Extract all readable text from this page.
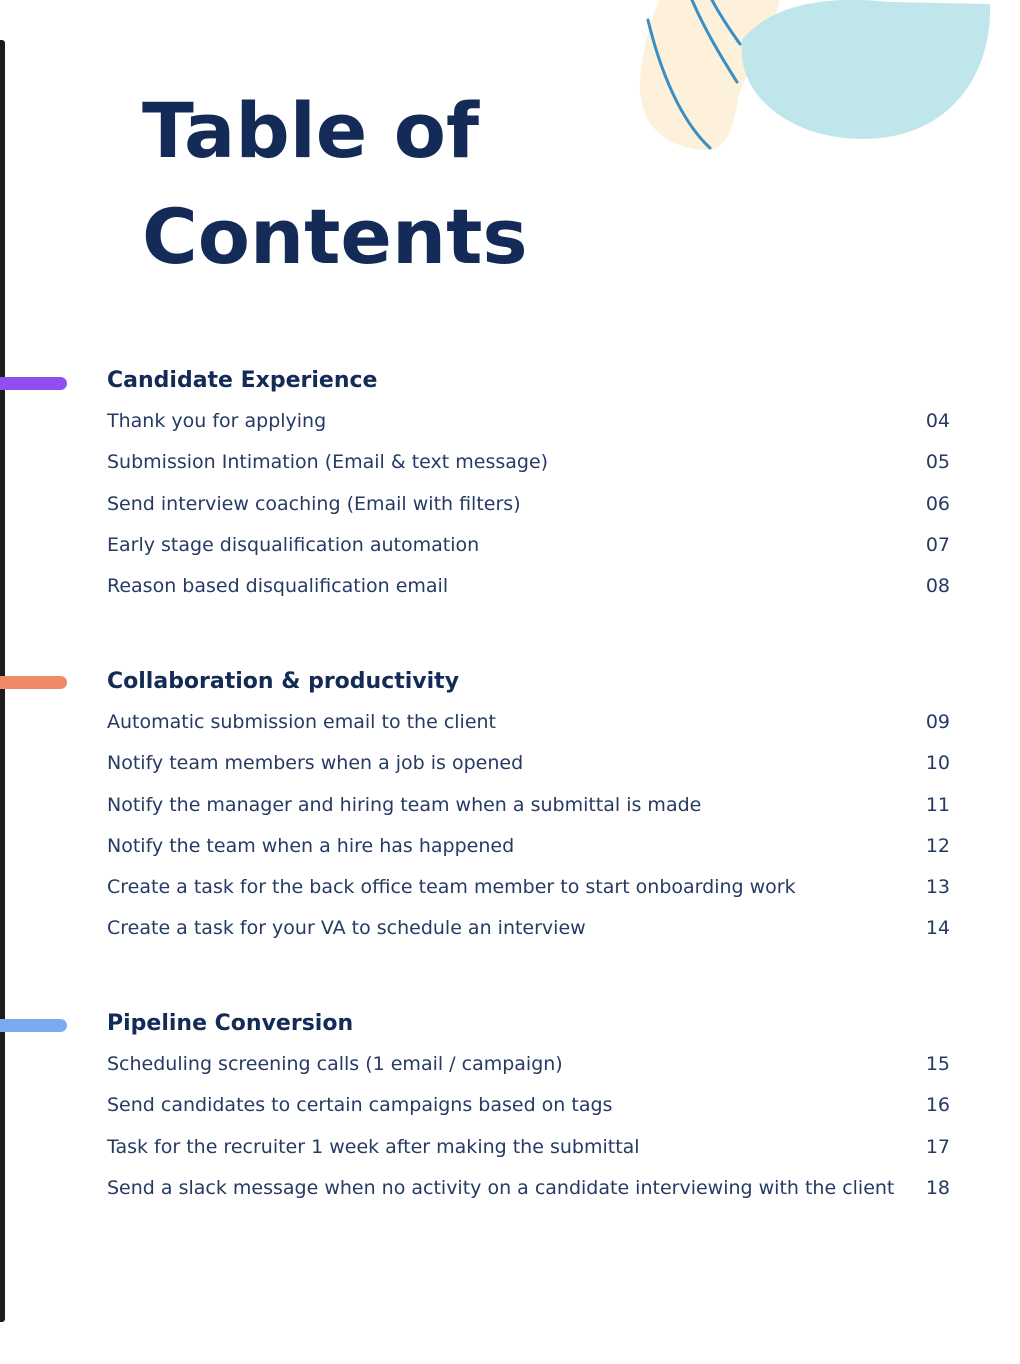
Table of
Contents
Candidate Experience
Thank you for applying	04
Submission Intimation (Email & text message)	05
Send interview coaching (Email with filters)	06
Early stage disqualification automation	07
Reason based disqualification email	08
Collaboration & productivity
Automatic submission email to the client	09
Notify team members when a job is opened	10
Notify the manager and hiring team when a submittal is made	11
Notify the team when a hire has happened	12
Create a task for the back office team member to start onboarding work	13
Create a task for your VA to schedule an interview	14
Pipeline Conversion
Scheduling screening calls (1 email / campaign)	15
Send candidates to certain campaigns based on tags	16
Task for the recruiter 1 week after making the submittal	17
Send a slack message when no activity on a candidate interviewing with the client 18
